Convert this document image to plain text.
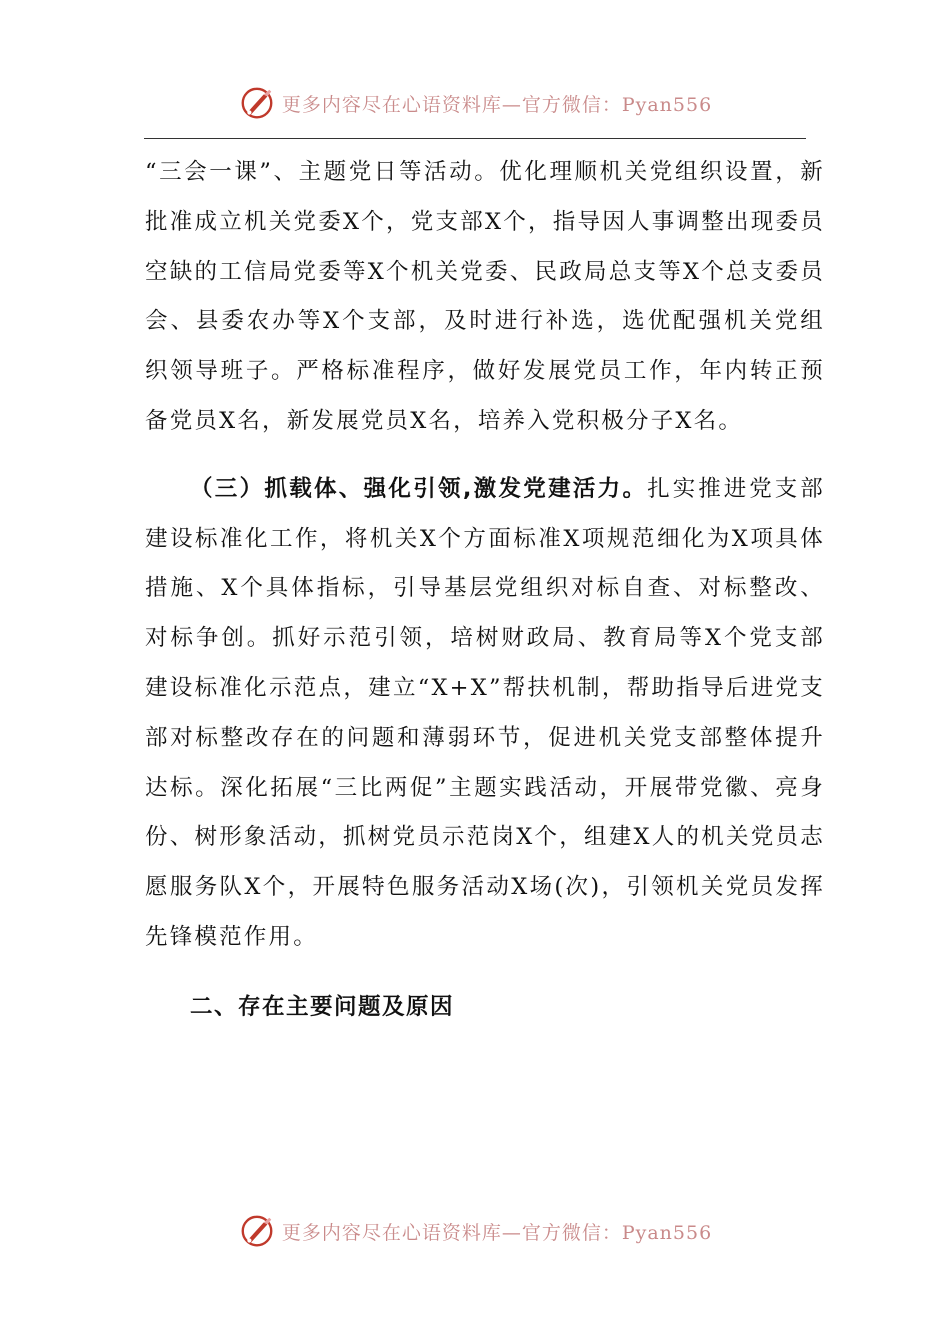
更多内容尽在心语资料库—官方微信：Pyan556

“三会一课”、主题党日等活动。优化理顺机关党组织设置，新批准成立机关党委X个，党支部X个，指导因人事调整出现委员空缺的工信局党委等X个机关党委、民政局总支等X个总支委员会、县委农办等X个支部，及时进行补选，选优配强机关党组织领导班子。严格标准程序，做好发展党员工作，年内转正预备党员X名，新发展党员X名，培养入党积极分子X名。

（三）抓载体、强化引领,激发党建活力。扎实推进党支部建设标准化工作，将机关X个方面标准X项规范细化为X项具体措施、X个具体指标，引导基层党组织对标自查、对标整改、对标争创。抓好示范引领，培树财政局、教育局等X个党支部建设标准化示范点，建立“X+X”帮扶机制，帮助指导后进党支部对标整改存在的问题和薄弱环节，促进机关党支部整体提升达标。深化拓展“三比两促”主题实践活动，开展带党徽、亮身份、树形象活动，抓树党员示范岗X个，组建X人的机关党员志愿服务队X个，开展特色服务活动X场(次)，引领机关党员发挥先锋模范作用。

二、存在主要问题及原因

更多内容尽在心语资料库—官方微信：Pyan556
